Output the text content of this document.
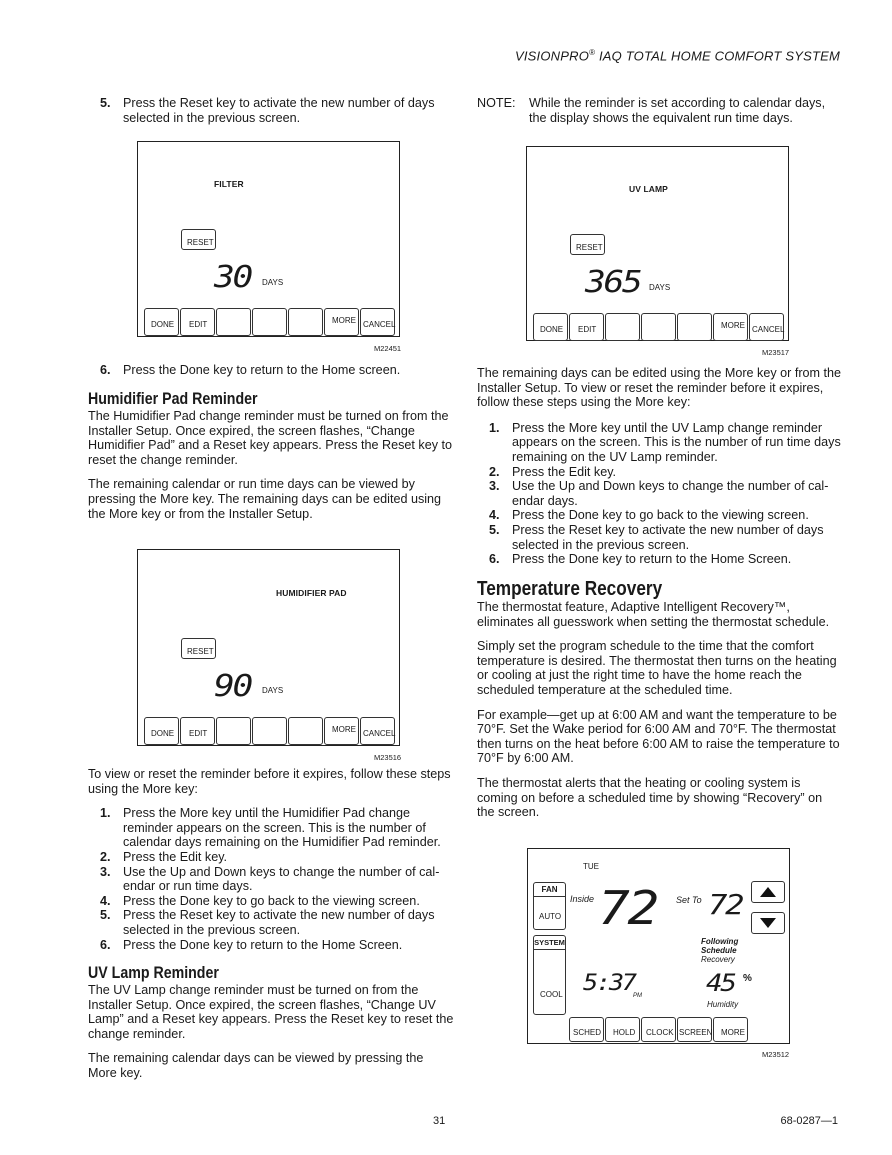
VISIONPRO® IAQ TOTAL HOME COMFORT SYSTEM
5. Press the Reset key to activate the new number of days selected in the previous screen.
FILTER
RESET
30 DAYS
DONE EDIT	MORE CANCEL
M22451
6. Press the Done key to return to the Home screen.
Humidifier Pad Reminder

The Humidifier Pad change reminder must be turned on from the Installer Setup. Once expired, the screen flashes, “Change Humidifier Pad” and a Reset key appears. Press the Reset key to reset the change reminder.

The remaining calendar or run time days can be viewed by pressing the More key. The remaining days can be edited using the More key or from the Installer Setup.

HUMIDIFIER PAD
RESET
90 DAYS
DONE EDIT	MORE CANCEL
M23516

To view or reset the reminder before it expires, follow these steps using the More key:

1. Press the More key until the Humidifier Pad change reminder appears on the screen. This is the number of calendar days remaining on the Humidifier Pad reminder.
2. Press the Edit key.
3. Use the Up and Down keys to change the number of cal-endar or run time days.
4. Press the Done key to go back to the viewing screen.
5. Press the Reset key to activate the new number of days selected in the previous screen.
6. Press the Done key to return to the Home Screen.
UV Lamp Reminder

The UV Lamp change reminder must be turned on from the Installer Setup. Once expired, the screen flashes, “Change UV Lamp” and a Reset key appears. Press the Reset key to reset the change reminder.

The remaining calendar days can be viewed by pressing the More key.

NOTE: While the reminder is set according to calendar days, the display shows the equivalent run time days.
UV LAMP
RESET
365 DAYS
DONE EDIT	MORE CANCEL
M23517

The remaining days can be edited using the More key or from the Installer Setup. To view or reset the reminder before it expires, follow these steps using the More key:

1. Press the More key until the UV Lamp change reminder appears on the screen. This is the number of run time days remaining on the UV Lamp reminder.
2. Press the Edit key.
3. Use the Up and Down keys to change the number of cal-endar days.
4. Press the Done key to go back to the viewing screen.
5. Press the Reset key to activate the new number of days selected in the previous screen.
6. Press the Done key to return to the Home Screen.
Temperature Recovery

The thermostat feature, Adaptive Intelligent Recovery™, eliminates all guesswork when setting the thermostat schedule.

Simply set the program schedule to the time that the comfort temperature is desired. The thermostat then turns on the heating or cooling at just the right time to have the home reach the scheduled temperature at the scheduled time.

For example—get up at 6:00 AM and want the temperature to be 70°F. Set the Wake period for 6:00 AM and 70°F. The thermostat then turns on the heat before 6:00 AM to raise the temperature to 70°F by 6:00 AM.

The thermostat alerts that the heating or cooling system is coming on before a scheduled time by showing “Recovery” on the screen.

TUE
FAN
AUTO
Inside 72 Set To 72
Following
Schedule
Recovery
SYSTEM
COOL 5:37
PM	45 %
Humidity
SCHED HOLD CLOCK SCREEN MORE
M23512
31	68-0287—1
